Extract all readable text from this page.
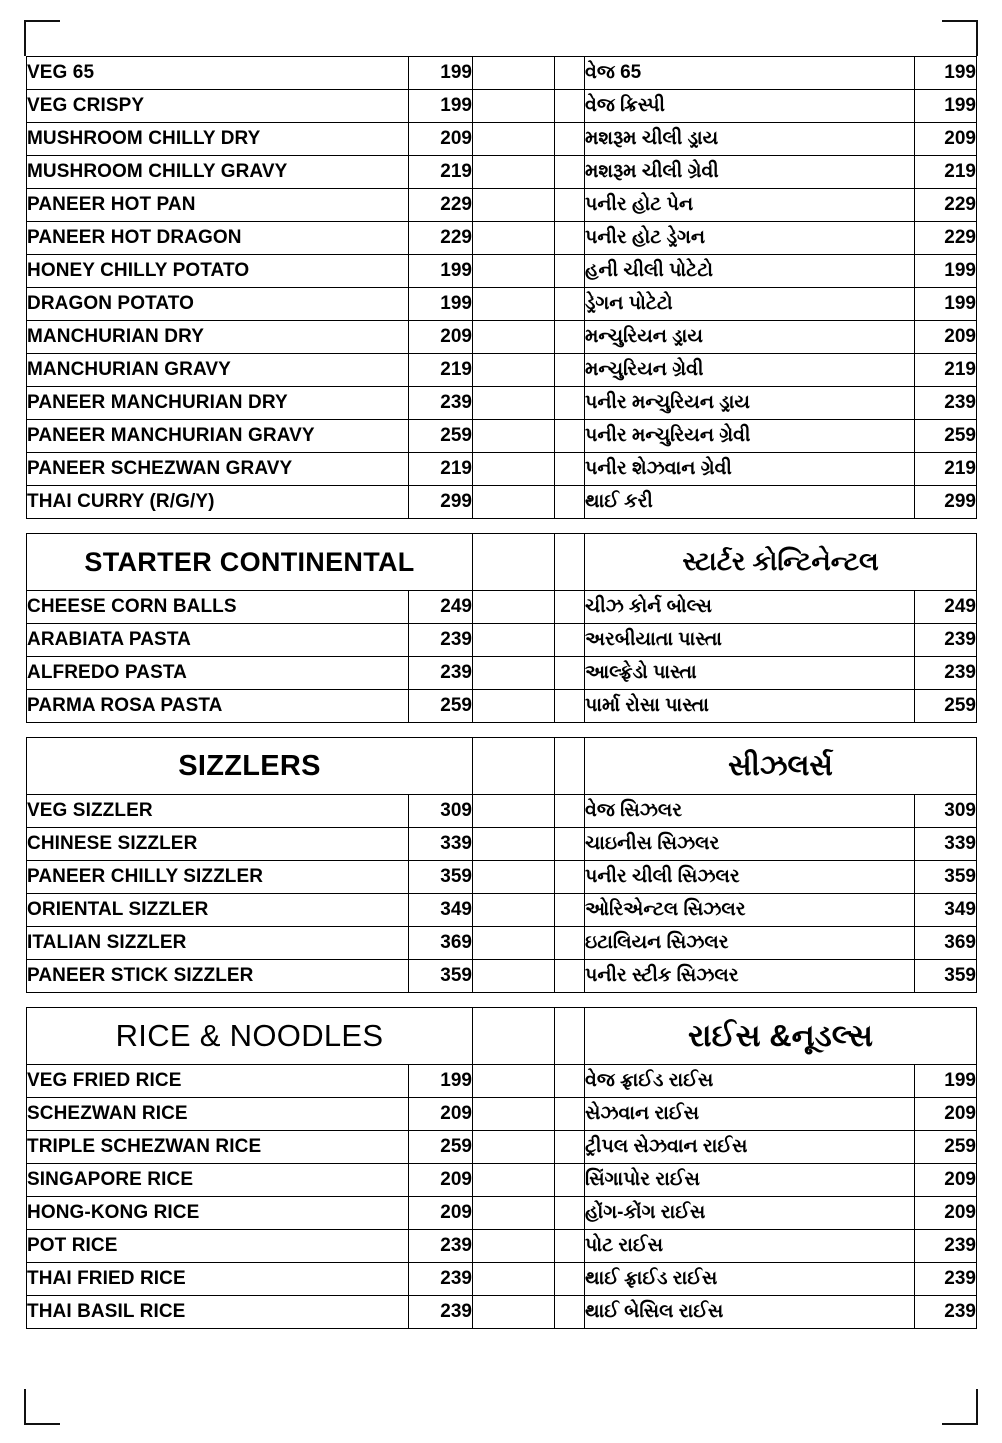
VEG 65	199			વેજ 65	199
VEG CRISPY	199			વેજ ક્રિસ્પી	199
MUSHROOM CHILLY DRY	209			મશરૂમ ચીલી ડ્રાય	209
MUSHROOM CHILLY GRAVY	219			મશરૂમ ચીલી ગ્રેવી	219
PANEER HOT PAN	229			પનીર હોટ પેન	229
PANEER HOT DRAGON	229			પનીર હોટ ડ્રેગન	229
HONEY CHILLY POTATO	199			હની ચીલી પોટેટો	199
DRAGON POTATO	199			ડ્રેગન પોટેટો	199
MANCHURIAN DRY	209			મન્ચુરિયન ડ્રાય	209
MANCHURIAN GRAVY	219			મન્ચુરિયન ગ્રેવી	219
PANEER MANCHURIAN DRY	239			પનીર મન્ચુરિયન ડ્રાય	239
PANEER MANCHURIAN GRAVY	259			પનીર મન્ચુરિયન ગ્રેવી	259
PANEER SCHEZWAN GRAVY	219			પનીર શેઝવાન ગ્રેવી	219
THAI CURRY (R/G/Y)	299			થાઈ કરી	299

STARTER CONTINENTAL				સ્ટાર્ટર કોન્ટિનેન્ટલ	
CHEESE CORN BALLS	249			ચીઝ કોર્ન બોલ્સ	249
ARABIATA PASTA	239			અરબીયાતા પાસ્તા	239
ALFREDO PASTA	239			આલ્ફ્રેડો પાસ્તા	239
PARMA ROSA PASTA	259			પાર્મા રોસા પાસ્તા	259

SIZZLERS				સીઝલર્સ	
VEG SIZZLER	309			વેજ સિઝલર	309
CHINESE SIZZLER	339			ચાઇનીસ સિઝલર	339
PANEER CHILLY SIZZLER	359			પનીર ચીલી સિઝલર	359
ORIENTAL SIZZLER	349			ઓરિએન્ટલ સિઝલર	349
ITALIAN SIZZLER	369			ઇટાલિયન સિઝલર	369
PANEER STICK SIZZLER	359			પનીર સ્ટીક સિઝલર	359

RICE & NOODLES				રાઈસ &નૂડલ્સ	
VEG FRIED RICE	199			વેજ ફ્રાઈડ રાઈસ	199
SCHEZWAN RICE	209			સેઝવાન રાઈસ	209
TRIPLE SCHEZWAN RICE	259			ટ્રીપલ સેઝવાન રાઈસ	259
SINGAPORE RICE	209			સિંગાપોર રાઈસ	209
HONG-KONG RICE	209			હોંગ-કોંગ રાઈસ	209
POT RICE	239			પોટ રાઈસ	239
THAI FRIED RICE	239			થાઈ ફ્રાઈડ રાઈસ	239
THAI BASIL RICE	239			થાઈ બેસિલ રાઈસ	239
